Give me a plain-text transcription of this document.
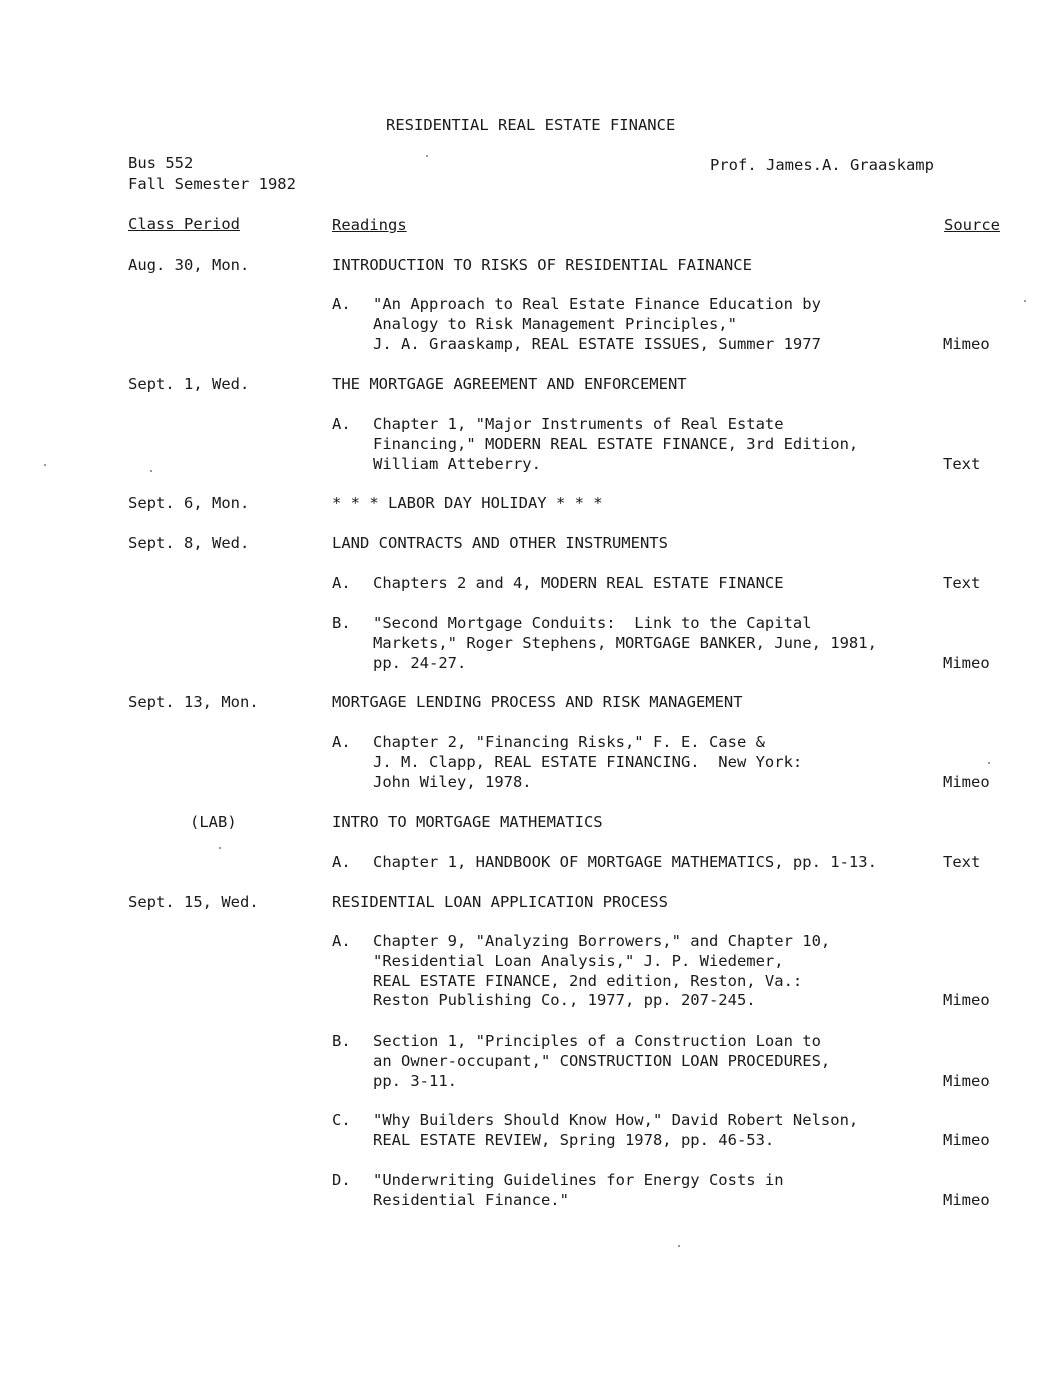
RESIDENTIAL REAL ESTATE FINANCE
Bus 552
Fall Semester 1982
Prof. James.A. Graaskamp
Class Period	Readings	Source
Aug. 30, Mon.	INTRODUCTION TO RISKS OF RESIDENTIAL FAINANCE
A. "An Approach to Real Estate Finance Education by
Analogy to Risk Management Principles,"
J. A. Graaskamp, REAL ESTATE ISSUES, Summer 1977	Mimeo
Sept. 1, Wed.	THE MORTGAGE AGREEMENT AND ENFORCEMENT
A. Chapter 1, "Major Instruments of Real Estate
Financing," MODERN REAL ESTATE FINANCE, 3rd Edition,
William Atteberry.	Text
Sept. 6, Mon.	* * * LABOR DAY HOLIDAY * * *
Sept. 8, Wed.	LAND CONTRACTS AND OTHER INSTRUMENTS
A. Chapters 2 and 4, MODERN REAL ESTATE FINANCE	Text
B. "Second Mortgage Conduits:  Link to the Capital
Markets," Roger Stephens, MORTGAGE BANKER, June, 1981,
pp. 24-27.	Mimeo
Sept. 13, Mon.	MORTGAGE LENDING PROCESS AND RISK MANAGEMENT
A. Chapter 2, "Financing Risks," F. E. Case &
J. M. Clapp, REAL ESTATE FINANCING.  New York:
John Wiley, 1978.	Mimeo
(LAB)	INTRO TO MORTGAGE MATHEMATICS
A. Chapter 1, HANDBOOK OF MORTGAGE MATHEMATICS, pp. 1-13.	Text
Sept. 15, Wed.	RESIDENTIAL LOAN APPLICATION PROCESS
A. Chapter 9, "Analyzing Borrowers," and Chapter 10,
"Residential Loan Analysis," J. P. Wiedemer,
REAL ESTATE FINANCE, 2nd edition, Reston, Va.:
Reston Publishing Co., 1977, pp. 207-245.	Mimeo
B. Section 1, "Principles of a Construction Loan to
an Owner-occupant," CONSTRUCTION LOAN PROCEDURES,
pp. 3-11.	Mimeo
C. "Why Builders Should Know How," David Robert Nelson,
REAL ESTATE REVIEW, Spring 1978, pp. 46-53.	Mimeo
D. "Underwriting Guidelines for Energy Costs in
Residential Finance."	Mimeo
